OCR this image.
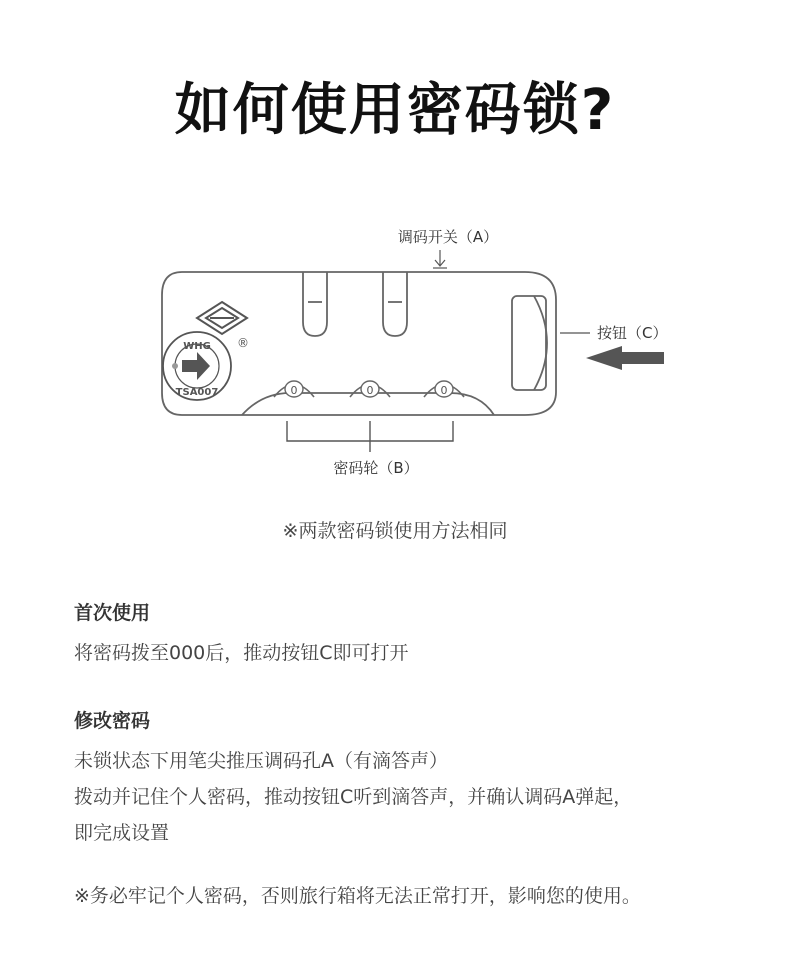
如何使用密码锁?
调码开关（A）
®
WHG
TSA007	0	0	0
密码轮（B）
按钮（C）
※两款密码锁使用方法相同

首次使用

将密码拨至000后，推动按钮C即可打开

修改密码

未锁状态下用笔尖推压调码孔A（有滴答声）

拨动并记住个人密码，推动按钮C听到滴答声，并确认调码A弹起，

即完成设置

※务必牢记个人密码，否则旅行箱将无法正常打开，影响您的使用。
